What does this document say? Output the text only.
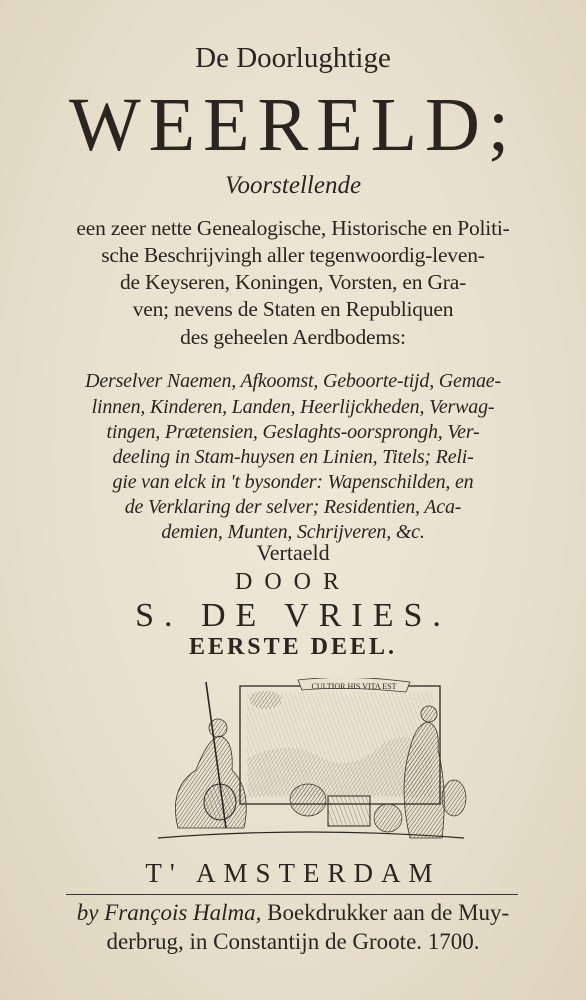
De Doorlughtige
WEERELD;
Voorstellende
een zeer nette Genealogische, Historische en Politi-
sche Beschrijvingh aller tegenwoordig-leven-
de Keyseren, Koningen, Vorsten, en Gra-
ven; nevens de Staten en Republiquen
des geheelen Aerdbodems:
Derselver Naemen, Afkoomst, Geboorte-tijd, Gemae-
linnen, Kinderen, Landen, Heerlijckheden, Verwag-
tingen, Prætensien, Geslaghts-oorsprongh, Ver-
deeling in Stam-huysen en Linien, Titels; Reli-
gie van elck in 't bysonder: Wapenschilden, en
de Verklaring der selver; Residentien, Aca-
demien, Munten, Schrijveren, &c.
Vertaeld
DOOR
S. DE VRIES.
EERSTE DEEL.
CULTIOR HIS VITA EST
T' AMSTERDAM
by François Halma, Boekdrukker aan de Muy-
derbrug, in Constantijn de Groote. 1700.
